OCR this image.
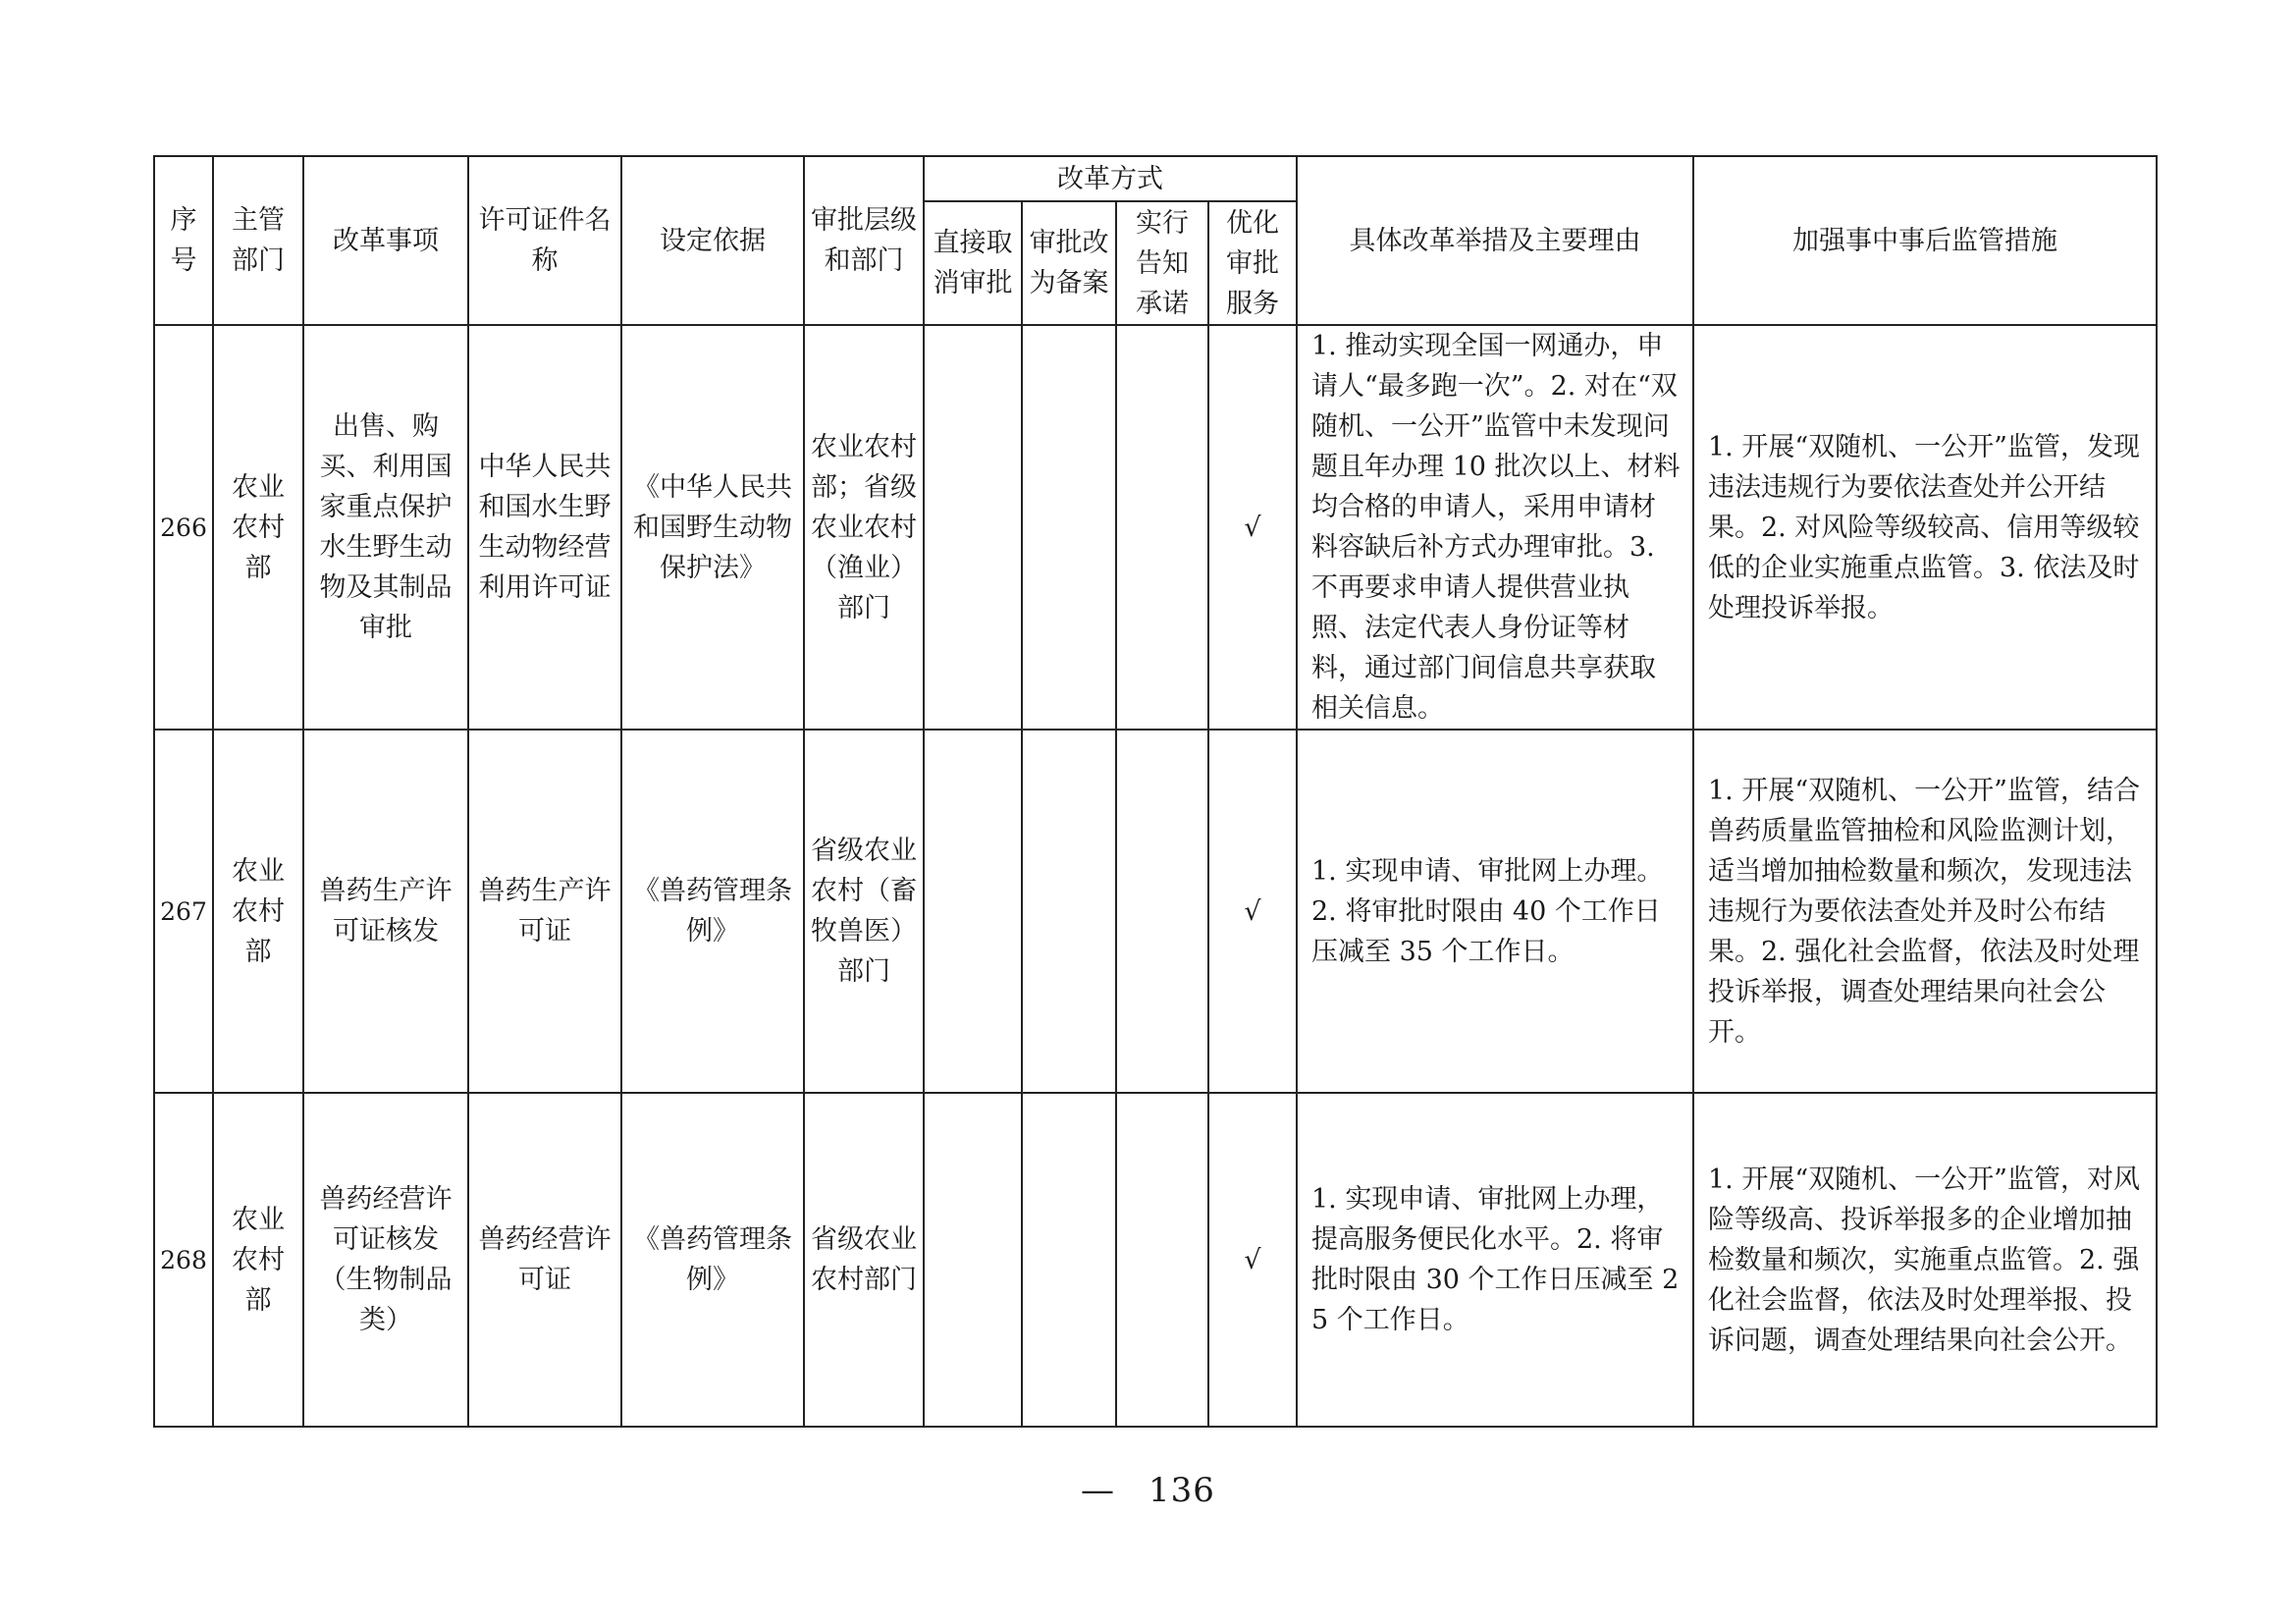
序号	主管部门	改革事项	许可证件名称	设定依据	审批层级和部门	改革方式				具体改革举措及主要理由	加强事中事后监管措施
						直接取消审批	审批改为备案	实行告知承诺	优化审批服务		
266	农业农村部	出售、购买、利用国家重点保护水生野生动物及其制品审批	中华人民共和国水生野生动物经营利用许可证	《中华人民共和国野生动物保护法》	农业农村部；省级农业农村（渔业）部门				√	1. 推动实现全国一网通办，申请人“最多跑一次”。2. 对在“双随机、一公开”监管中未发现问题且年办理 10 批次以上、材料均合格的申请人，采用申请材料容缺后补方式办理审批。3. 不再要求申请人提供营业执照、法定代表人身份证等材料，通过部门间信息共享获取相关信息。	1. 开展“双随机、一公开”监管，发现违法违规行为要依法查处并公开结果。2. 对风险等级较高、信用等级较低的企业实施重点监管。3. 依法及时处理投诉举报。
267	农业农村部	兽药生产许可证核发	兽药生产许可证	《兽药管理条例》	省级农业农村（畜牧兽医）部门				√	1. 实现申请、审批网上办理。2. 将审批时限由 40 个工作日压减至 35 个工作日。	1. 开展“双随机、一公开”监管，结合兽药质量监管抽检和风险监测计划，适当增加抽检数量和频次，发现违法违规行为要依法查处并及时公布结果。2. 强化社会监督，依法及时处理投诉举报，调查处理结果向社会公开。
268	农业农村部	兽药经营许可证核发（生物制品类）	兽药经营许可证	《兽药管理条例》	省级农业农村部门				√	1. 实现申请、审批网上办理，提高服务便民化水平。2. 将审批时限由 30 个工作日压减至 25 个工作日。	1. 开展“双随机、一公开”监管，对风险等级高、投诉举报多的企业增加抽检数量和频次，实施重点监管。2. 强化社会监督，依法及时处理举报、投诉问题，调查处理结果向社会公开。
— 136
